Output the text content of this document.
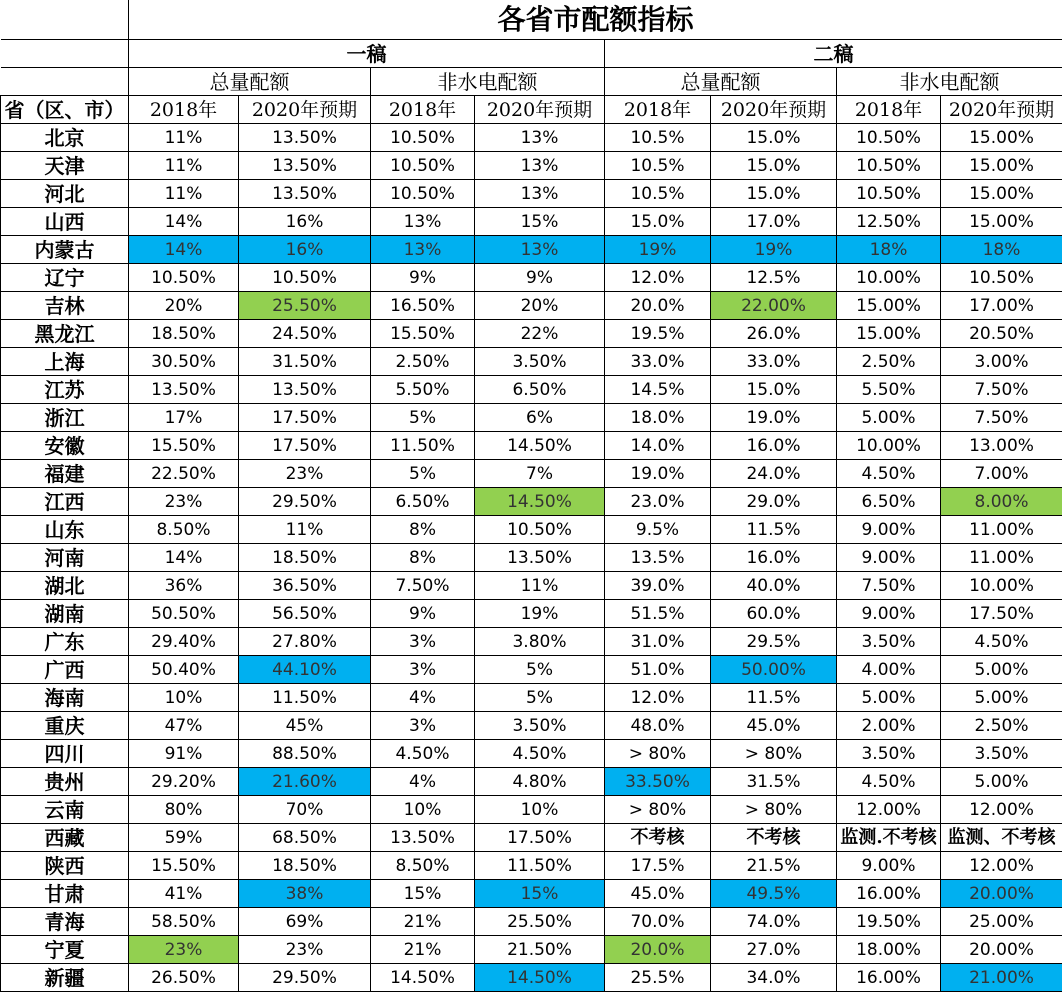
	各省市配额指标							
	一稿				二稿			
	总量配额		非水电配额		总量配额		非水电配额	
省（区、市）	2018年	2020年预期	2018年	2020年预期	2018年	2020年预期	2018年	2020年预期
北京	11%	13.50%	10.50%	13%	10.5%	15.0%	10.50%	15.00%
天津	11%	13.50%	10.50%	13%	10.5%	15.0%	10.50%	15.00%
河北	11%	13.50%	10.50%	13%	10.5%	15.0%	10.50%	15.00%
山西	14%	16%	13%	15%	15.0%	17.0%	12.50%	15.00%
内蒙古	14%	16%	13%	13%	19%	19%	18%	18%
辽宁	10.50%	10.50%	9%	9%	12.0%	12.5%	10.00%	10.50%
吉林	20%	25.50%	16.50%	20%	20.0%	22.00%	15.00%	17.00%
黑龙江	18.50%	24.50%	15.50%	22%	19.5%	26.0%	15.00%	20.50%
上海	30.50%	31.50%	2.50%	3.50%	33.0%	33.0%	2.50%	3.00%
江苏	13.50%	13.50%	5.50%	6.50%	14.5%	15.0%	5.50%	7.50%
浙江	17%	17.50%	5%	6%	18.0%	19.0%	5.00%	7.50%
安徽	15.50%	17.50%	11.50%	14.50%	14.0%	16.0%	10.00%	13.00%
福建	22.50%	23%	5%	7%	19.0%	24.0%	4.50%	7.00%
江西	23%	29.50%	6.50%	14.50%	23.0%	29.0%	6.50%	8.00%
山东	8.50%	11%	8%	10.50%	9.5%	11.5%	9.00%	11.00%
河南	14%	18.50%	8%	13.50%	13.5%	16.0%	9.00%	11.00%
湖北	36%	36.50%	7.50%	11%	39.0%	40.0%	7.50%	10.00%
湖南	50.50%	56.50%	9%	19%	51.5%	60.0%	9.00%	17.50%
广东	29.40%	27.80%	3%	3.80%	31.0%	29.5%	3.50%	4.50%
广西	50.40%	44.10%	3%	5%	51.0%	50.00%	4.00%	5.00%
海南	10%	11.50%	4%	5%	12.0%	11.5%	5.00%	5.00%
重庆	47%	45%	3%	3.50%	48.0%	45.0%	2.00%	2.50%
四川	91%	88.50%	4.50%	4.50%	> 80%	> 80%	3.50%	3.50%
贵州	29.20%	21.60%	4%	4.80%	33.50%	31.5%	4.50%	5.00%
云南	80%	70%	10%	10%	> 80%	> 80%	12.00%	12.00%
西藏	59%	68.50%	13.50%	17.50%	不考核	不考核	监测.不考核	监测、不考核
陕西	15.50%	18.50%	8.50%	11.50%	17.5%	21.5%	9.00%	12.00%
甘肃	41%	38%	15%	15%	45.0%	49.5%	16.00%	20.00%
青海	58.50%	69%	21%	25.50%	70.0%	74.0%	19.50%	25.00%
宁夏	23%	23%	21%	21.50%	20.0%	27.0%	18.00%	20.00%
新疆	26.50%	29.50%	14.50%	14.50%	25.5%	34.0%	16.00%	21.00%
